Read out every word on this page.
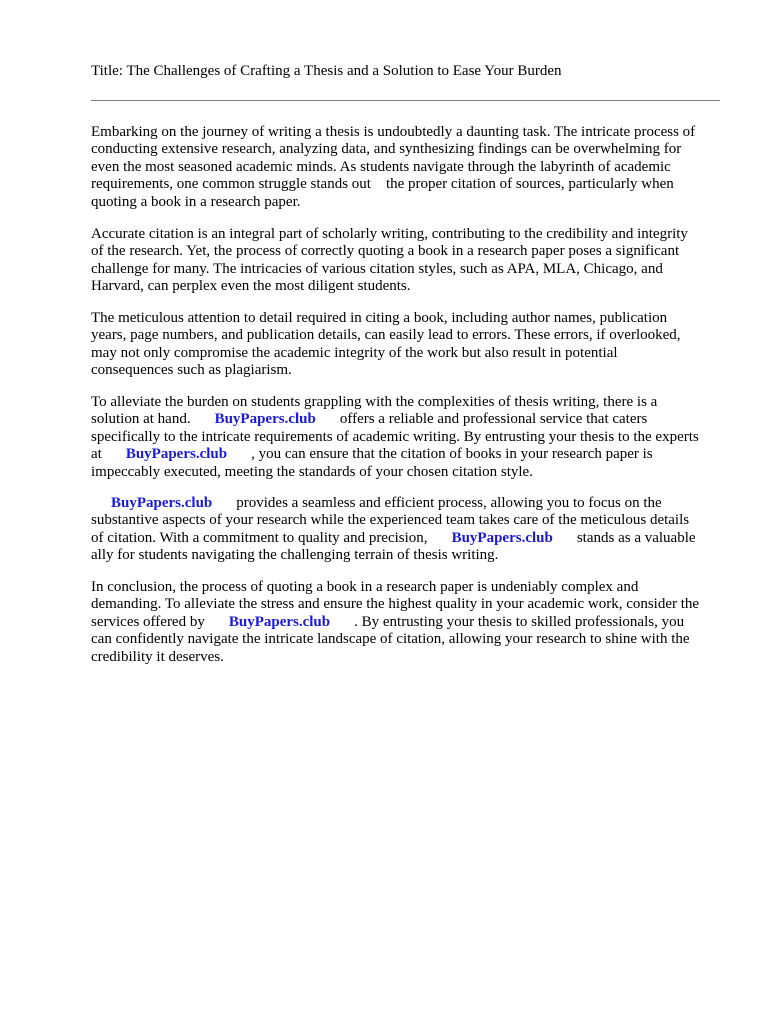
Title: The Challenges of Crafting a Thesis and a Solution to Ease Your Burden

Embarking on the journey of writing a thesis is undoubtedly a daunting task. The intricate process of
conducting extensive research, analyzing data, and synthesizing findings can be overwhelming for
even the most seasoned academic minds. As students navigate through the labyrinth of academic
requirements, one common struggle stands out    the proper citation of sources, particularly when
quoting a book in a research paper.

Accurate citation is an integral part of scholarly writing, contributing to the credibility and integrity
of the research. Yet, the process of correctly quoting a book in a research paper poses a significant
challenge for many. The intricacies of various citation styles, such as APA, MLA, Chicago, and
Harvard, can perplex even the most diligent students.

The meticulous attention to detail required in citing a book, including author names, publication
years, page numbers, and publication details, can easily lead to errors. These errors, if overlooked,
may not only compromise the academic integrity of the work but also result in potential
consequences such as plagiarism.

To alleviate the burden on students grappling with the complexities of thesis writing, there is a
solution at hand. BuyPapers.club offers a reliable and professional service that caters
specifically to the intricate requirements of academic writing. By entrusting your thesis to the experts
at BuyPapers.club , you can ensure that the citation of books in your research paper is
impeccably executed, meeting the standards of your chosen citation style.

BuyPapers.club provides a seamless and efficient process, allowing you to focus on the
substantive aspects of your research while the experienced team takes care of the meticulous details
of citation. With a commitment to quality and precision, BuyPapers.club stands as a valuable
ally for students navigating the challenging terrain of thesis writing.

In conclusion, the process of quoting a book in a research paper is undeniably complex and
demanding. To alleviate the stress and ensure the highest quality in your academic work, consider the
services offered by BuyPapers.club . By entrusting your thesis to skilled professionals, you
can confidently navigate the intricate landscape of citation, allowing your research to shine with the
credibility it deserves.
